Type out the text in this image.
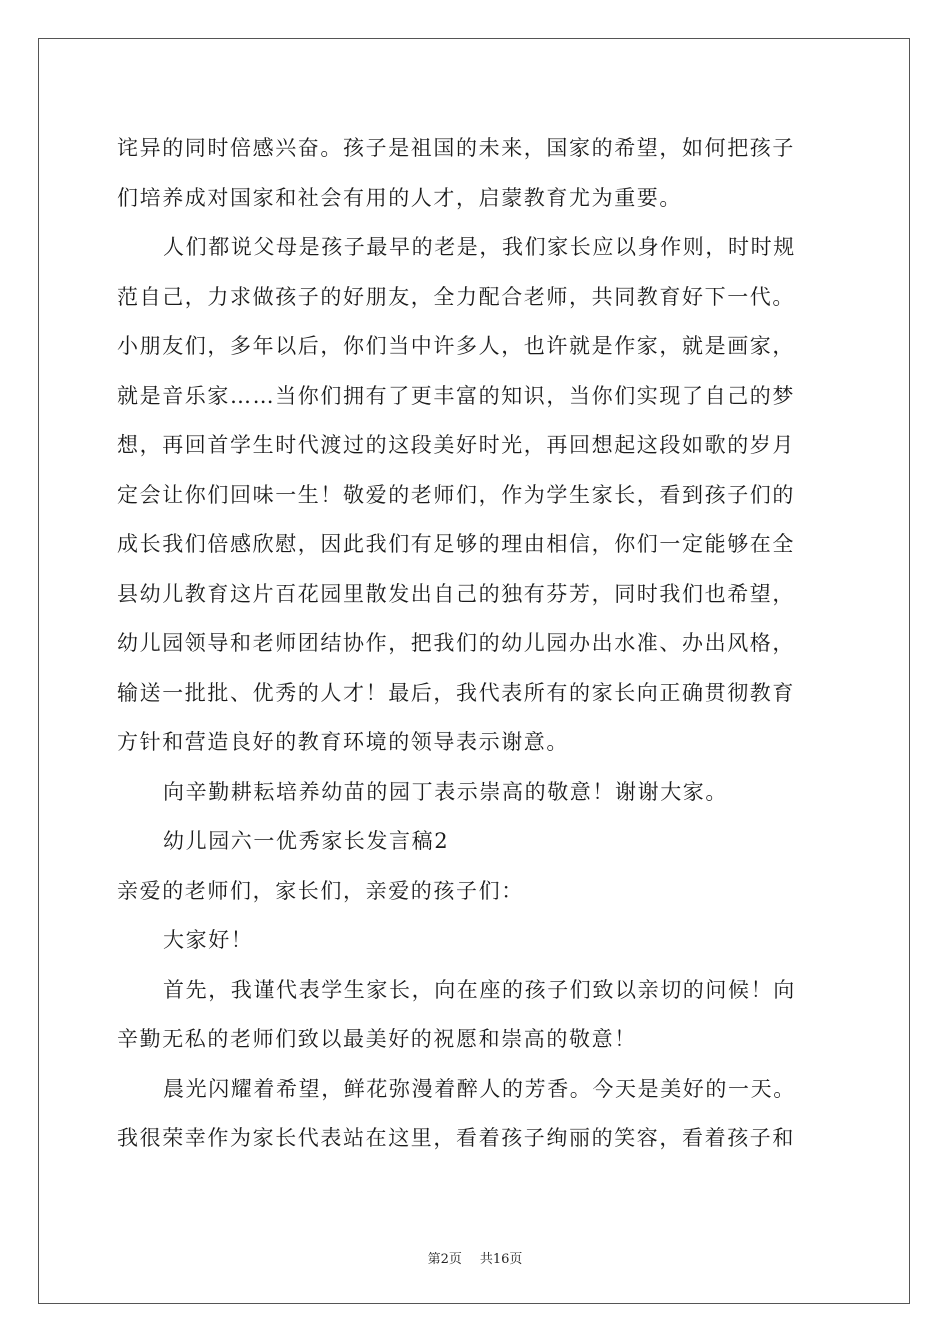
诧异的同时倍感兴奋。孩子是祖国的未来，国家的希望，如何把孩子
们培养成对国家和社会有用的人才，启蒙教育尤为重要。
人们都说父母是孩子最早的老是，我们家长应以身作则，时时规
范自己，力求做孩子的好朋友，全力配合老师，共同教育好下一代。
小朋友们，多年以后，你们当中许多人，也许就是作家，就是画家，
就是音乐家……当你们拥有了更丰富的知识，当你们实现了自己的梦
想，再回首学生时代渡过的这段美好时光，再回想起这段如歌的岁月
定会让你们回味一生！敬爱的老师们，作为学生家长，看到孩子们的
成长我们倍感欣慰，因此我们有足够的理由相信，你们一定能够在全
县幼儿教育这片百花园里散发出自己的独有芬芳，同时我们也希望，
幼儿园领导和老师团结协作，把我们的幼儿园办出水准、办出风格，
输送一批批、优秀的人才！最后，我代表所有的家长向正确贯彻教育
方针和营造良好的教育环境的领导表示谢意。
向辛勤耕耘培养幼苗的园丁表示崇高的敬意！谢谢大家。
幼儿园六一优秀家长发言稿2
亲爱的老师们，家长们，亲爱的孩子们：
大家好！
首先，我谨代表学生家长，向在座的孩子们致以亲切的问候！向
辛勤无私的老师们致以最美好的祝愿和崇高的敬意！
晨光闪耀着希望，鲜花弥漫着醉人的芳香。今天是美好的一天。
我很荣幸作为家长代表站在这里，看着孩子绚丽的笑容，看着孩子和
第2页 共16页
